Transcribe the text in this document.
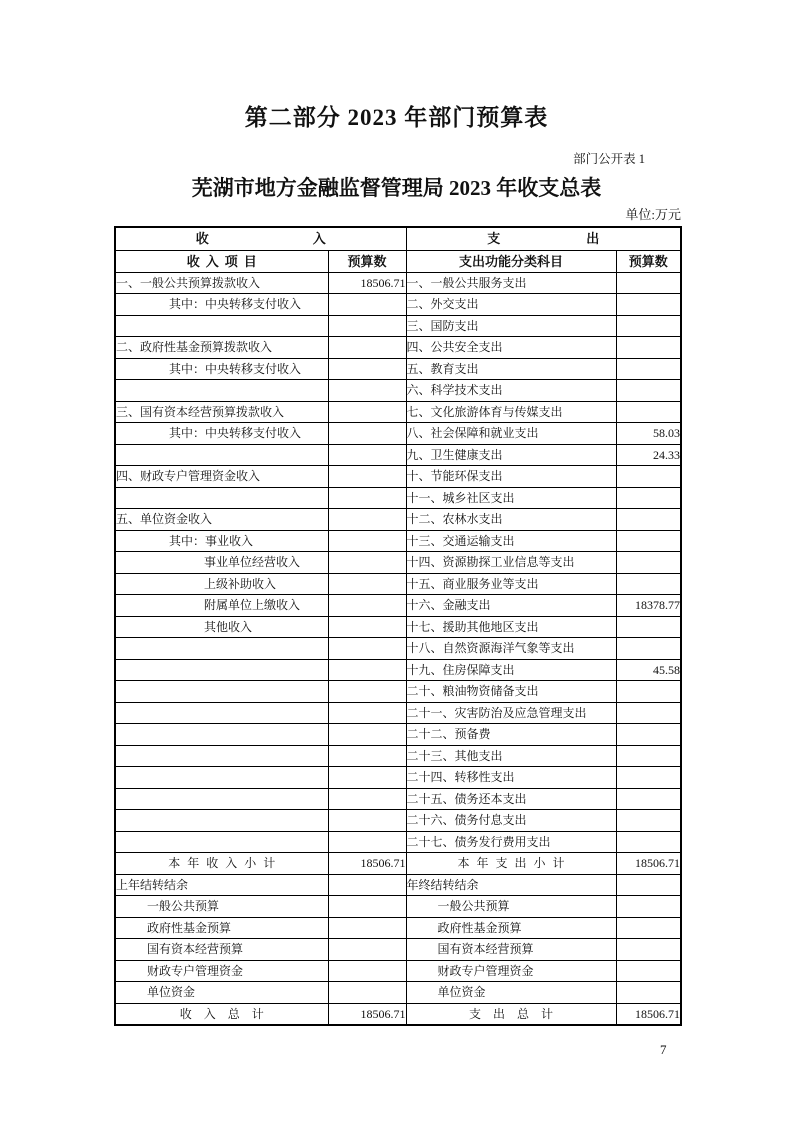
第二部分 2023 年部门预算表
部门公开表 1
芜湖市地方金融监督管理局 2023 年收支总表
单位:万元
收 入		支 出	

收入项目	预算数	支出功能分类科目	预算数
一、一般公共预算拨款收入	18506.71	一、一般公共服务支出	
其中：中央转移支付收入		二、外交支出	
		三、国防支出	
二、政府性基金预算拨款收入		四、公共安全支出	
其中：中央转移支付收入		五、教育支出	
		六、科学技术支出	
三、国有资本经营预算拨款收入		七、文化旅游体育与传媒支出	
其中：中央转移支付收入		八、社会保障和就业支出	58.03
		九、卫生健康支出	24.33
四、财政专户管理资金收入		十、节能环保支出	
		十一、城乡社区支出	
五、单位资金收入		十二、农林水支出	
其中：事业收入		十三、交通运输支出	
事业单位经营收入		十四、资源勘探工业信息等支出	
上级补助收入		十五、商业服务业等支出	
附属单位上缴收入		十六、金融支出	18378.77
其他收入		十七、援助其他地区支出	
		十八、自然资源海洋气象等支出	
		十九、住房保障支出	45.58
		二十、粮油物资储备支出	
		二十一、灾害防治及应急管理支出	
		二十二、预备费	
		二十三、其他支出	
		二十四、转移性支出	
		二十五、债务还本支出	
		二十六、债务付息支出	
		二十七、债务发行费用支出	
本年收入小计	18506.71	本年支出小计	18506.71
上年结转结余		年终结转结余	
一般公共预算		一般公共预算	
政府性基金预算		政府性基金预算	
国有资本经营预算		国有资本经营预算	
财政专户管理资金		财政专户管理资金	
单位资金		单位资金	
收入总计	18506.71	支出总计	18506.71
7
